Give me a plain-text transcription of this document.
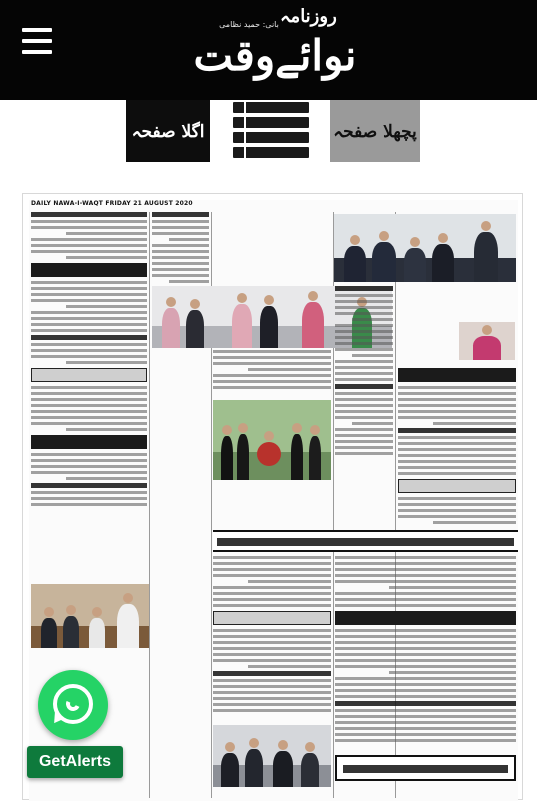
روزنامہ
بانی: حمید نظامی
نوائےوقت
اگلا صفحہ	پچھلا صفحہ
DAILY NAWA-I-WAQT FRIDAY 21 AUGUST 2020
GetAlerts
